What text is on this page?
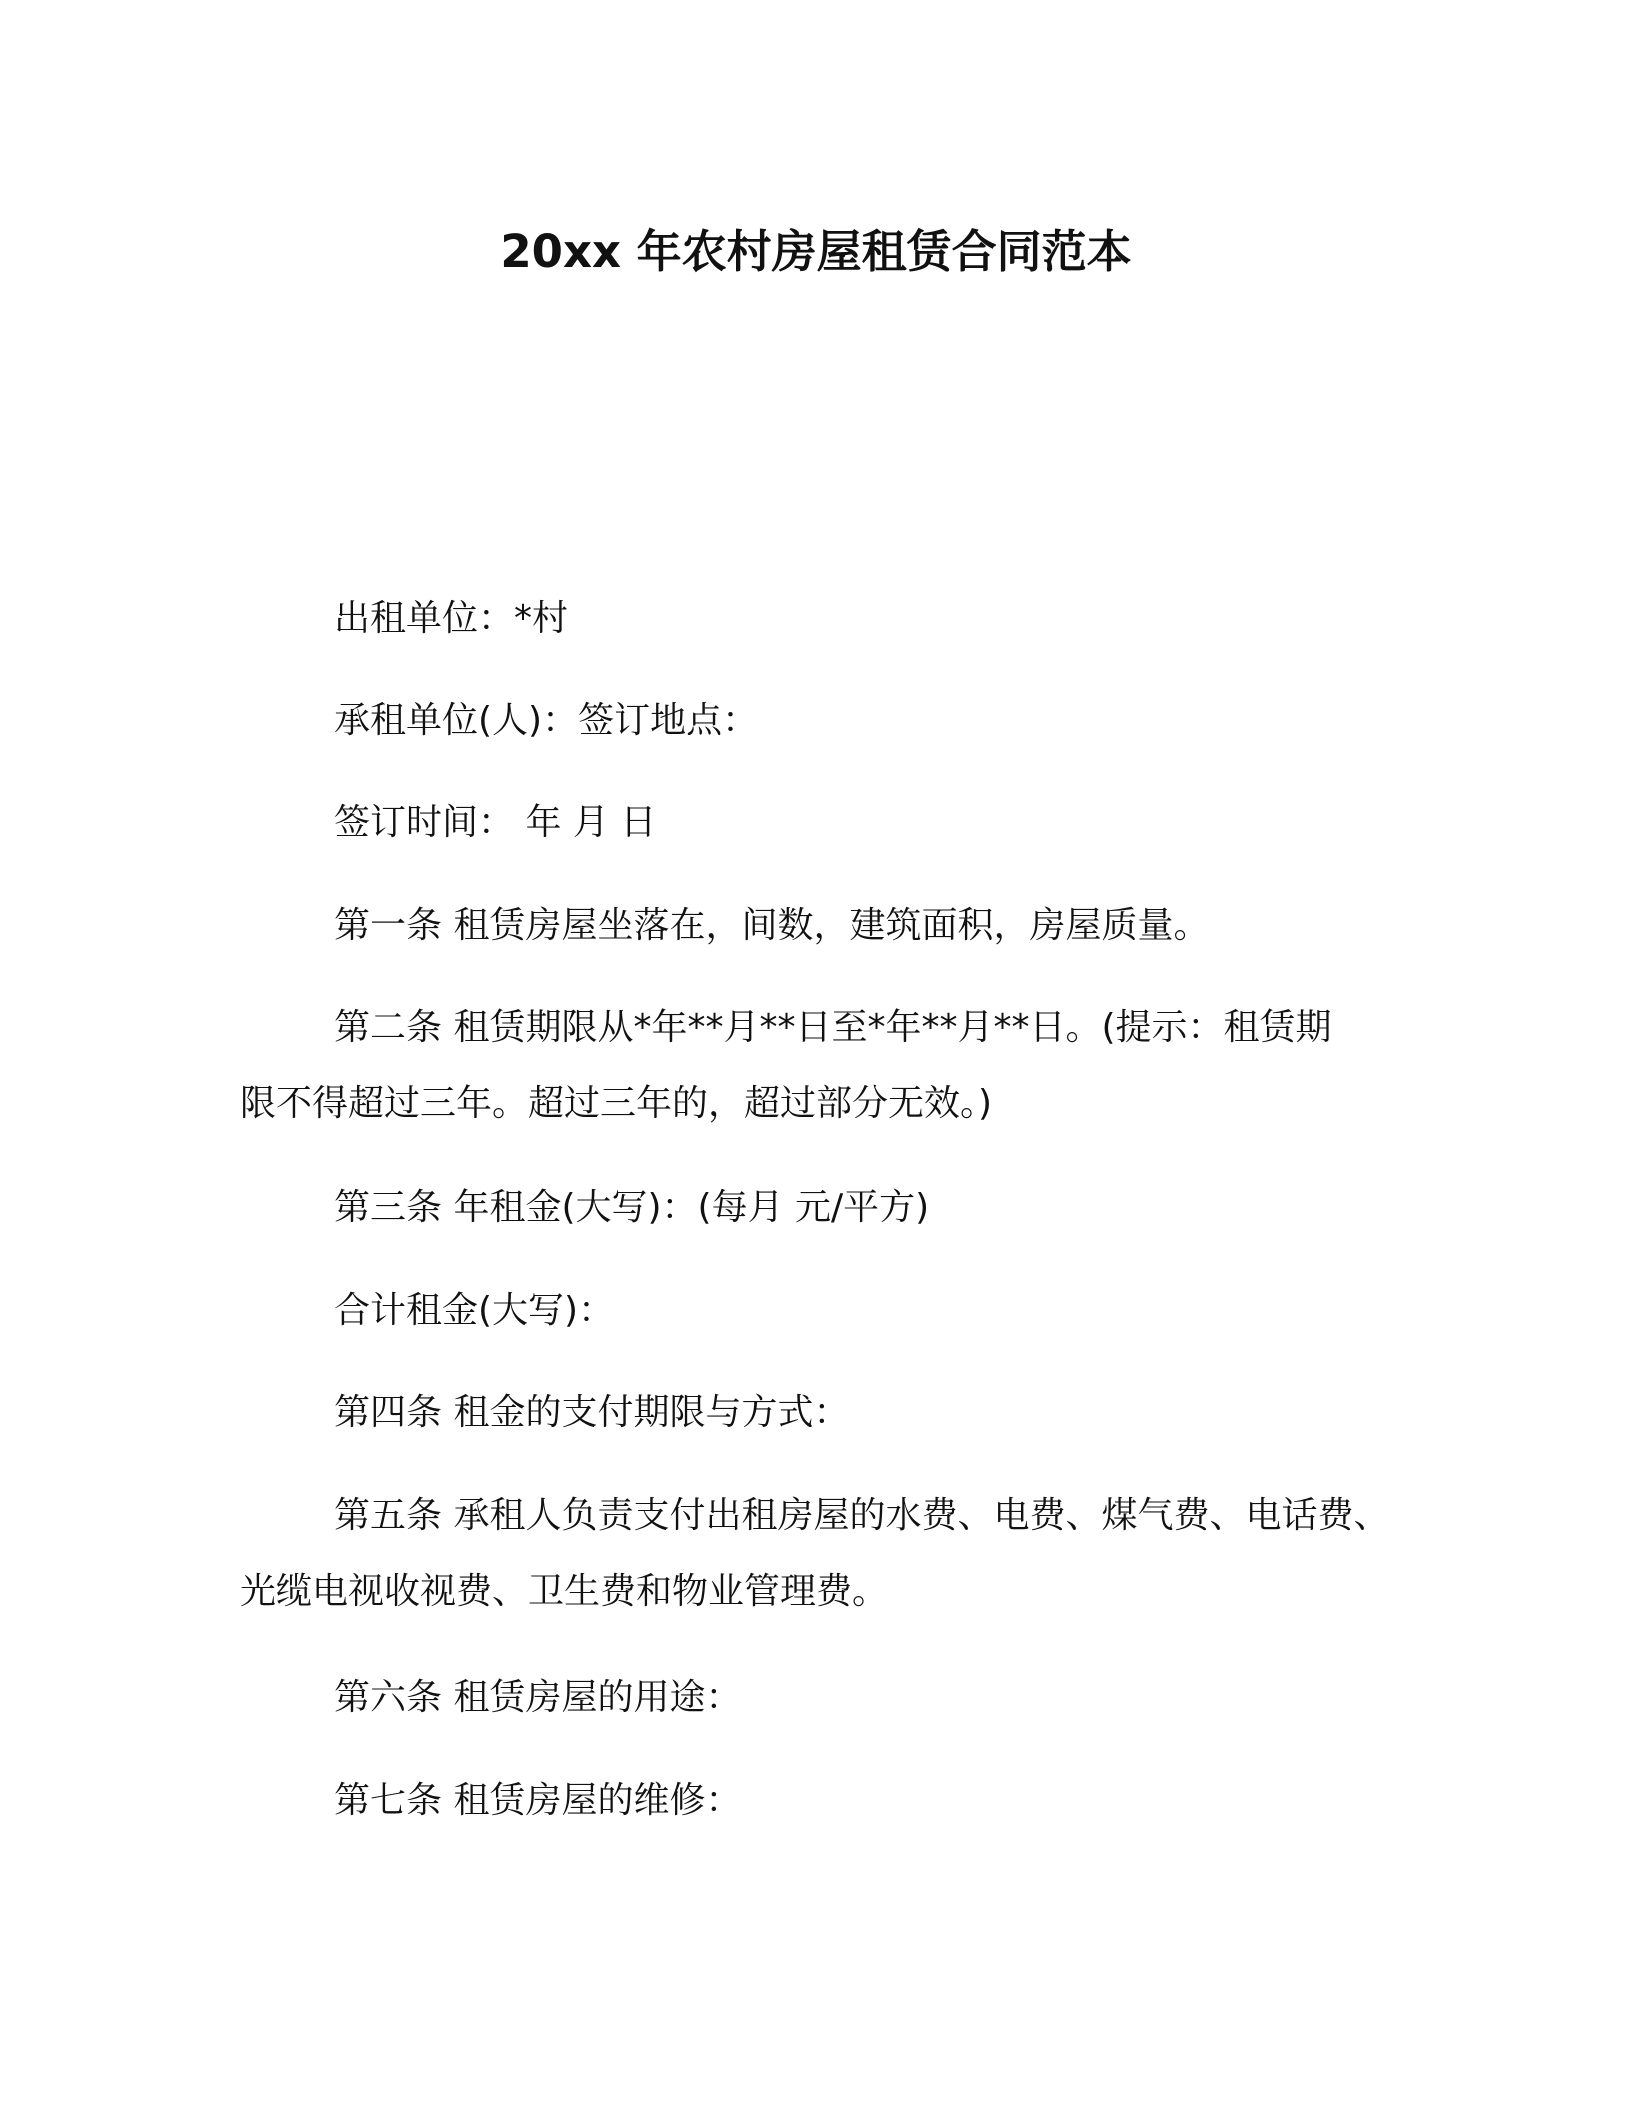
20xx 年农村房屋租赁合同范本
出租单位：*村
承租单位(人)：签订地点：
签订时间： 年 月 日
第一条 租赁房屋坐落在，间数，建筑面积，房屋质量。
第二条 租赁期限从*年**月**日至*年**月**日。(提示：租赁期
限不得超过三年。超过三年的，超过部分无效。)
第三条 年租金(大写)：(每月 元/平方)
合计租金(大写)：
第四条 租金的支付期限与方式：
第五条 承租人负责支付出租房屋的水费、电费、煤气费、电话费、
光缆电视收视费、卫生费和物业管理费。
第六条 租赁房屋的用途：
第七条 租赁房屋的维修：
